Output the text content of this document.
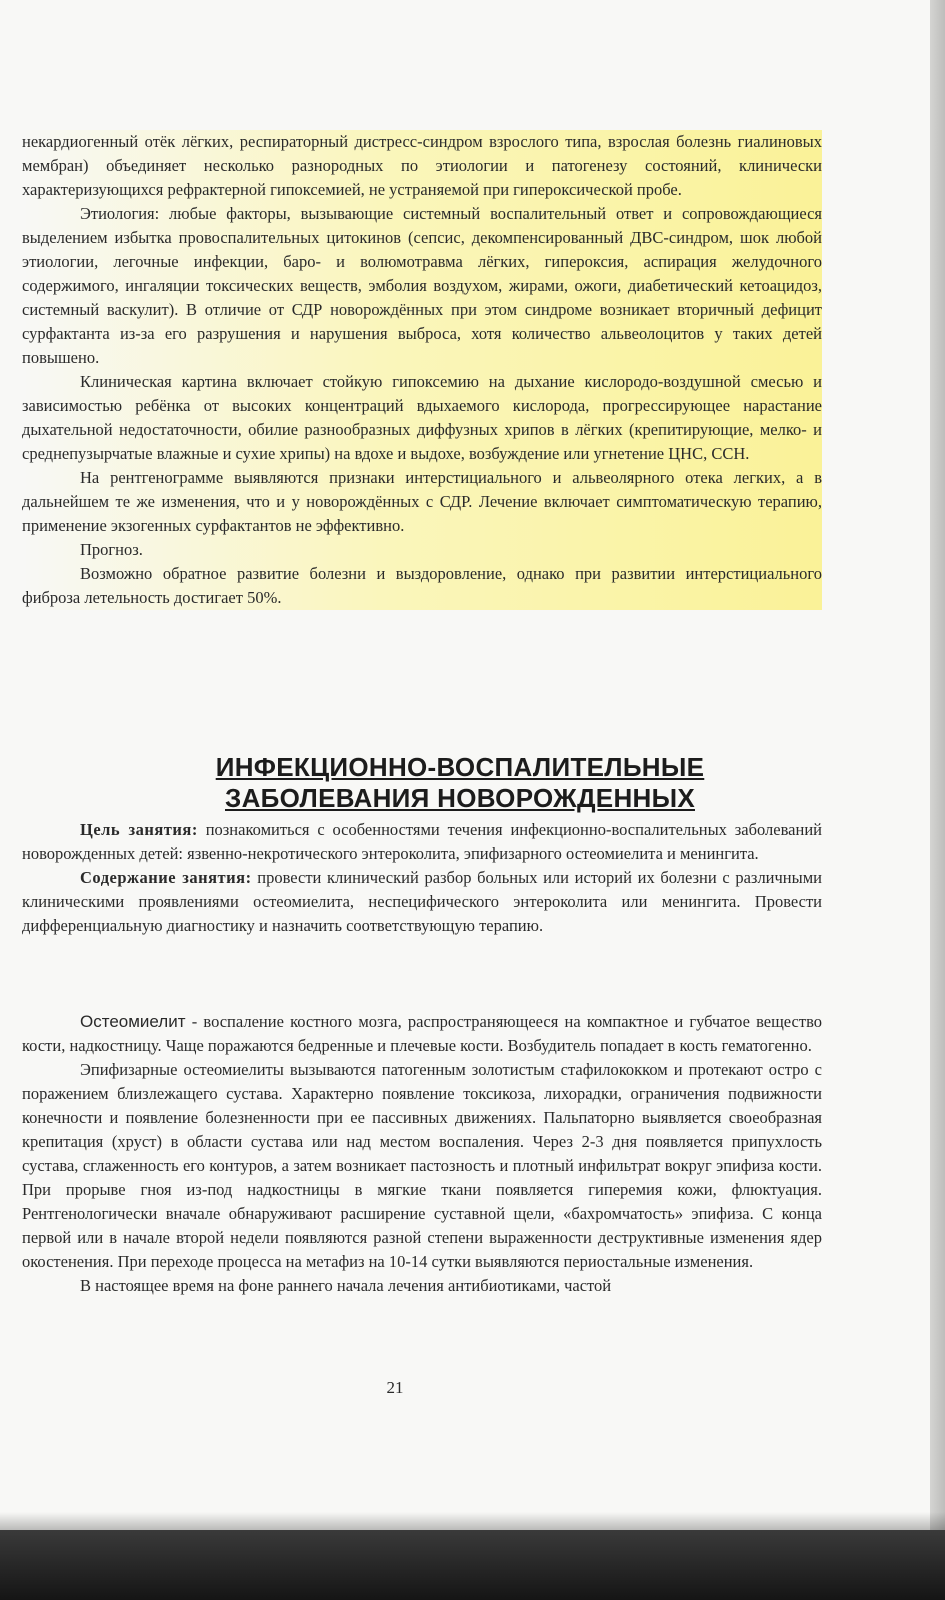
некардиогенный отёк лёгких, респираторный дистресс-синдром взрослого типа, взрослая болезнь гиалиновых мембран) объединяет несколько разнородных по этиологии и патогенезу состояний, клинически характеризующихся рефрактерной гипоксемией, не устраняемой при гипероксической пробе.

Этиология: любые факторы, вызывающие системный воспалительный ответ и сопровождающиеся выделением избытка провоспалительных цитокинов (сепсис, декомпенсированный ДВС-синдром, шок любой этиологии, легочные инфекции, баро- и волюмотравма лёгких, гипероксия, аспирация желудочного содержимого, ингаляции токсических веществ, эмболия воздухом, жирами, ожоги, диабетический кетоацидоз, системный васкулит). В отличие от СДР новорождённых при этом синдроме возникает вторичный дефицит сурфактанта из-за его разрушения и нарушения выброса, хотя количество альвеолоцитов у таких детей повышено.

Клиническая картина включает стойкую гипоксемию на дыхание кислородо-воздушной смесью и зависимостью ребёнка от высоких концентраций вдыхаемого кислорода, прогрессирующее нарастание дыхательной недостаточности, обилие разнообразных диффузных хрипов в лёгких (крепитирующие, мелко- и среднепузырчатые влажные и сухие хрипы) на вдохе и выдохе, возбуждение или угнетение ЦНС, ССН.

На рентгенограмме выявляются признаки интерстициального и альвеолярного отека легких, а в дальнейшем те же изменения, что и у новорождённых с СДР. Лечение включает симптоматическую терапию, применение экзогенных сурфактантов не эффективно.

Прогноз.

Возможно обратное развитие болезни и выздоровление, однако при развитии интерстициального фиброза летельность достигает 50%.

ИНФЕКЦИОННО-ВОСПАЛИТЕЛЬНЫЕ
ЗАБОЛЕВАНИЯ НОВОРОЖДЕННЫХ

Цель занятия: познакомиться с особенностями течения инфекционно-воспалительных заболеваний новорожденных детей: язвенно-некротического энтероколита, эпифизарного остеомиелита и менингита.

Содержание занятия: провести клинический разбор больных или историй их болезни с различными клиническими проявлениями остеомиелита, неспецифического энтероколита или менингита. Провести дифференциальную диагностику и назначить соответствующую терапию.

Остеомиелит - воспаление костного мозга, распространяющееся на компактное и губчатое вещество кости, надкостницу. Чаще поражаются бедренные и плечевые кости. Возбудитель попадает в кость гематогенно.

Эпифизарные остеомиелиты вызываются патогенным золотистым стафилококком и протекают остро с поражением близлежащего сустава. Характерно появление токсикоза, лихорадки, ограничения подвижности конечности и появление болезненности при ее пассивных движениях. Пальпаторно выявляется своеобразная крепитация (хруст) в области сустава или над местом воспаления. Через 2-3 дня появляется припухлость сустава, сглаженность его контуров, а затем возникает пастозность и плотный инфильтрат вокруг эпифиза кости. При прорыве гноя из-под надкостницы в мягкие ткани появляется гиперемия кожи, флюктуация. Рентгенологически вначале обнаруживают расширение суставной щели, «бахромчатость» эпифиза. С конца первой или в начале второй недели появляются разной степени выраженности деструктивные изменения ядер окостенения. При переходе процесса на метафиз на 10-14 сутки выявляются периостальные изменения.

В настоящее время на фоне раннего начала лечения антибиотиками, частой

21
